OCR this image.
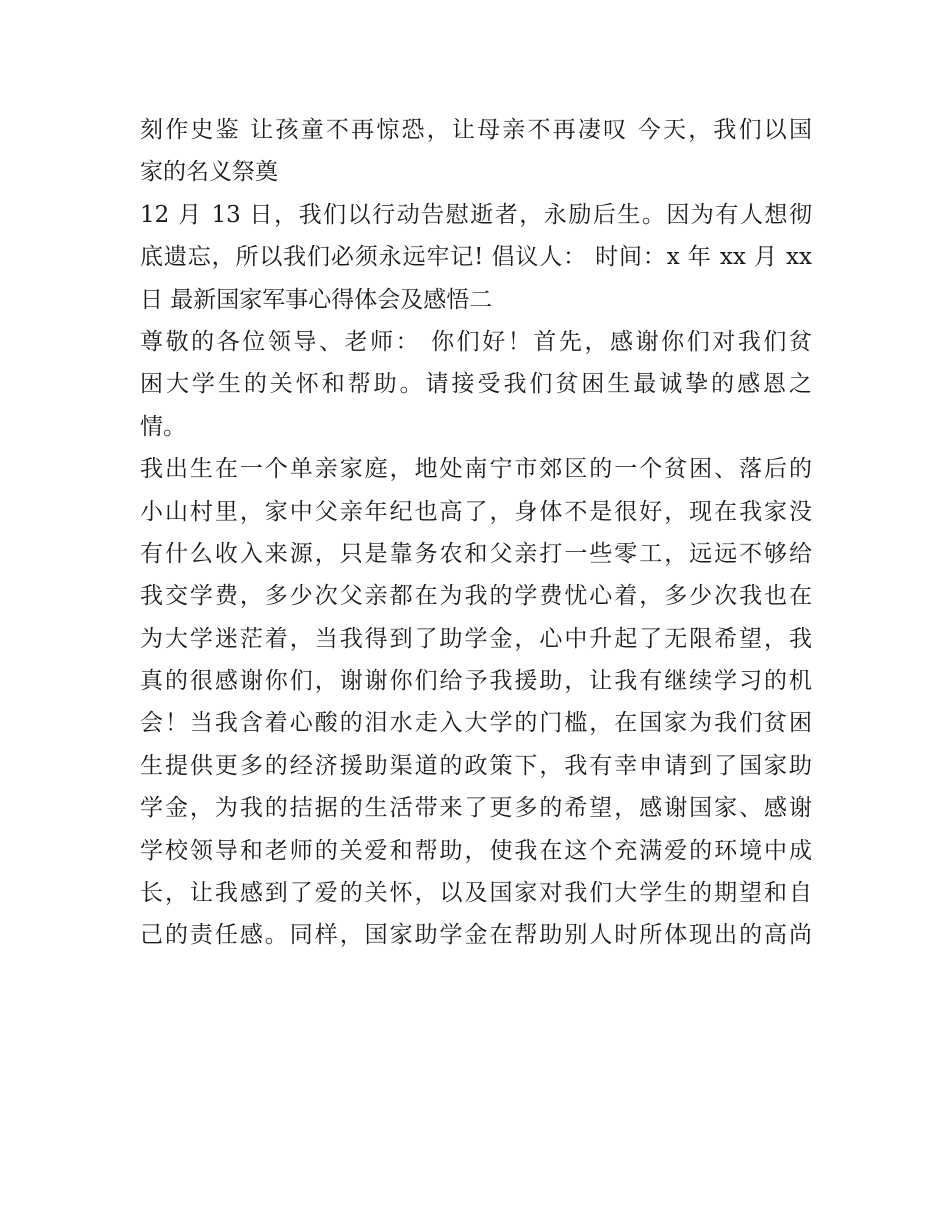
刻作史鉴 让孩童不再惊恐，让母亲不再凄叹 今天，我们以国
家的名义祭奠

12 月 13 日，我们以行动告慰逝者，永励后生。因为有人想彻
底遗忘，所以我们必须永远牢记! 倡议人： 时间：x 年 xx 月 xx
日 最新国家军事心得体会及感悟二

尊敬的各位领导、老师： 你们好！首先，感谢你们对我们贫
困大学生的关怀和帮助。请接受我们贫困生最诚挚的感恩之
情。

我出生在一个单亲家庭，地处南宁市郊区的一个贫困、落后的
小山村里，家中父亲年纪也高了，身体不是很好，现在我家没
有什么收入来源，只是靠务农和父亲打一些零工，远远不够给
我交学费，多少次父亲都在为我的学费忧心着，多少次我也在
为大学迷茫着，当我得到了助学金，心中升起了无限希望，我
真的很感谢你们，谢谢你们给予我援助，让我有继续学习的机
会！当我含着心酸的泪水走入大学的门槛，在国家为我们贫困
生提供更多的经济援助渠道的政策下，我有幸申请到了国家助
学金，为我的拮据的生活带来了更多的希望，感谢国家、感谢
学校领导和老师的关爱和帮助，使我在这个充满爱的环境中成
长，让我感到了爱的关怀，以及国家对我们大学生的期望和自
己的责任感。同样，国家助学金在帮助别人时所体现出的高尚
